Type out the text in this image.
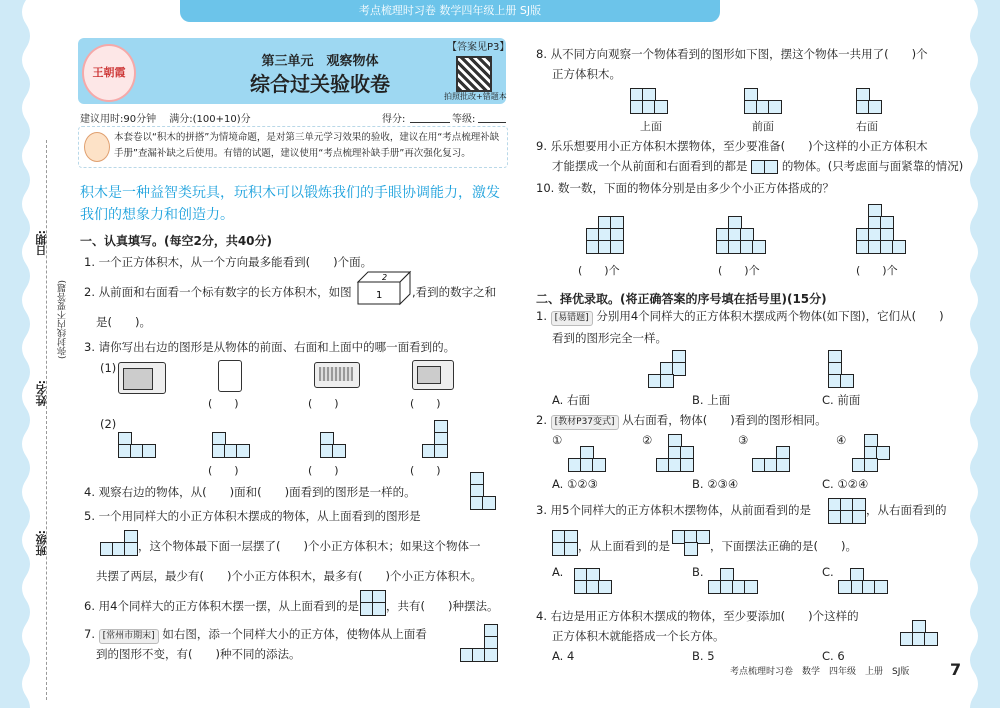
考点梳理时习卷 数学四年级上册 SJ版
王朝霞
第三单元　观察物体
综合过关验收卷
【答案见P3】
拍照批改+错题本
建议用时:90分钟 满分:(100+10)分	得分:	等级:
本套卷以“积木的拼搭”为情境命题，是对第三单元学习效果的验收，建议在用“考点梳理补缺手册”查漏补缺之后使用。有错的试题，建议使用“考点梳理补缺手册”再次强化复习。
积木是一种益智类玩具，玩积木可以锻炼我们的手眼协调能力，激发我们的想象力和创造力。
日期:
(弥封线内不要答题)
姓名:
班级:
一、认真填写。(每空2分，共40分)
1. 一个正方体积木，从一个方向最多能看到(　　)个面。
2. 从前面和右面看一个标有数字的长方体积木，如图
2
1	,看到的数字之和
是(　　)。
3. 请你写出右边的图形是从物体的前面、右面和上面中的哪一面看到的。
(1)
(　　)	(　　)	(　　)
(2)
(　　)	(　　)	(　　)
4. 观察右边的物体，从(　　)面和(　　)面看到的图形是一样的。
5. 一个用同样大的小正方体积木摆成的物体，从上面看到的图形是
，这个物体最下面一层摆了(　　)个小正方体积木；如果这个物体一
共摆了两层，最少有(　　)个小正方体积木，最多有(　　)个小正方体积木。
6. 用4个同样大的正方体积木摆一摆，从上面看到的是 ，共有(　　)种摆法。
7. [常州市期末] 如右图，添一个同样大小的正方体，使物体从上面看
到的图形不变，有(　　)种不同的添法。
8. 从不同方向观察一个物体看到的图形如下图，摆这个物体一共用了(　　)个
正方体积木。
上面	前面	右面
9. 乐乐想要用小正方体积木摆物体，至少要准备(　　)个这样的小正方体积木
才能摆成一个从前面和右面看到的都是	的物体。(只考虑面与面紧靠的情况)
10. 数一数，下面的物体分别是由多少个小正方体搭成的？
(　　)个	(　　)个	(　　)个
二、择优录取。(将正确答案的序号填在括号里)(15分)
1. [易错题] 分别用4个同样大的正方体积木摆成两个物体(如下图)，它们从(　　)
看到的图形完全一样。
A. 右面	B. 上面	C. 前面
2. [教材P37变式] 从右面看，物体(　　)看到的图形相同。
①	②	③	④
A. ①②③	B. ②③④	C. ①②④
3. 用5个同样大的正方体积木摆物体，从前面看到的是	，从右面看到的
，从上面看到的是	，下面摆法正确的是(　　)。
A.	B.	C.
4. 右边是用正方体积木摆成的物体，至少要添加(　　)个这样的
正方体积木就能搭成一个长方体。
A. 4	B. 5	C. 6
考点梳理时习卷　数学　四年级　上册　SJ版	7
